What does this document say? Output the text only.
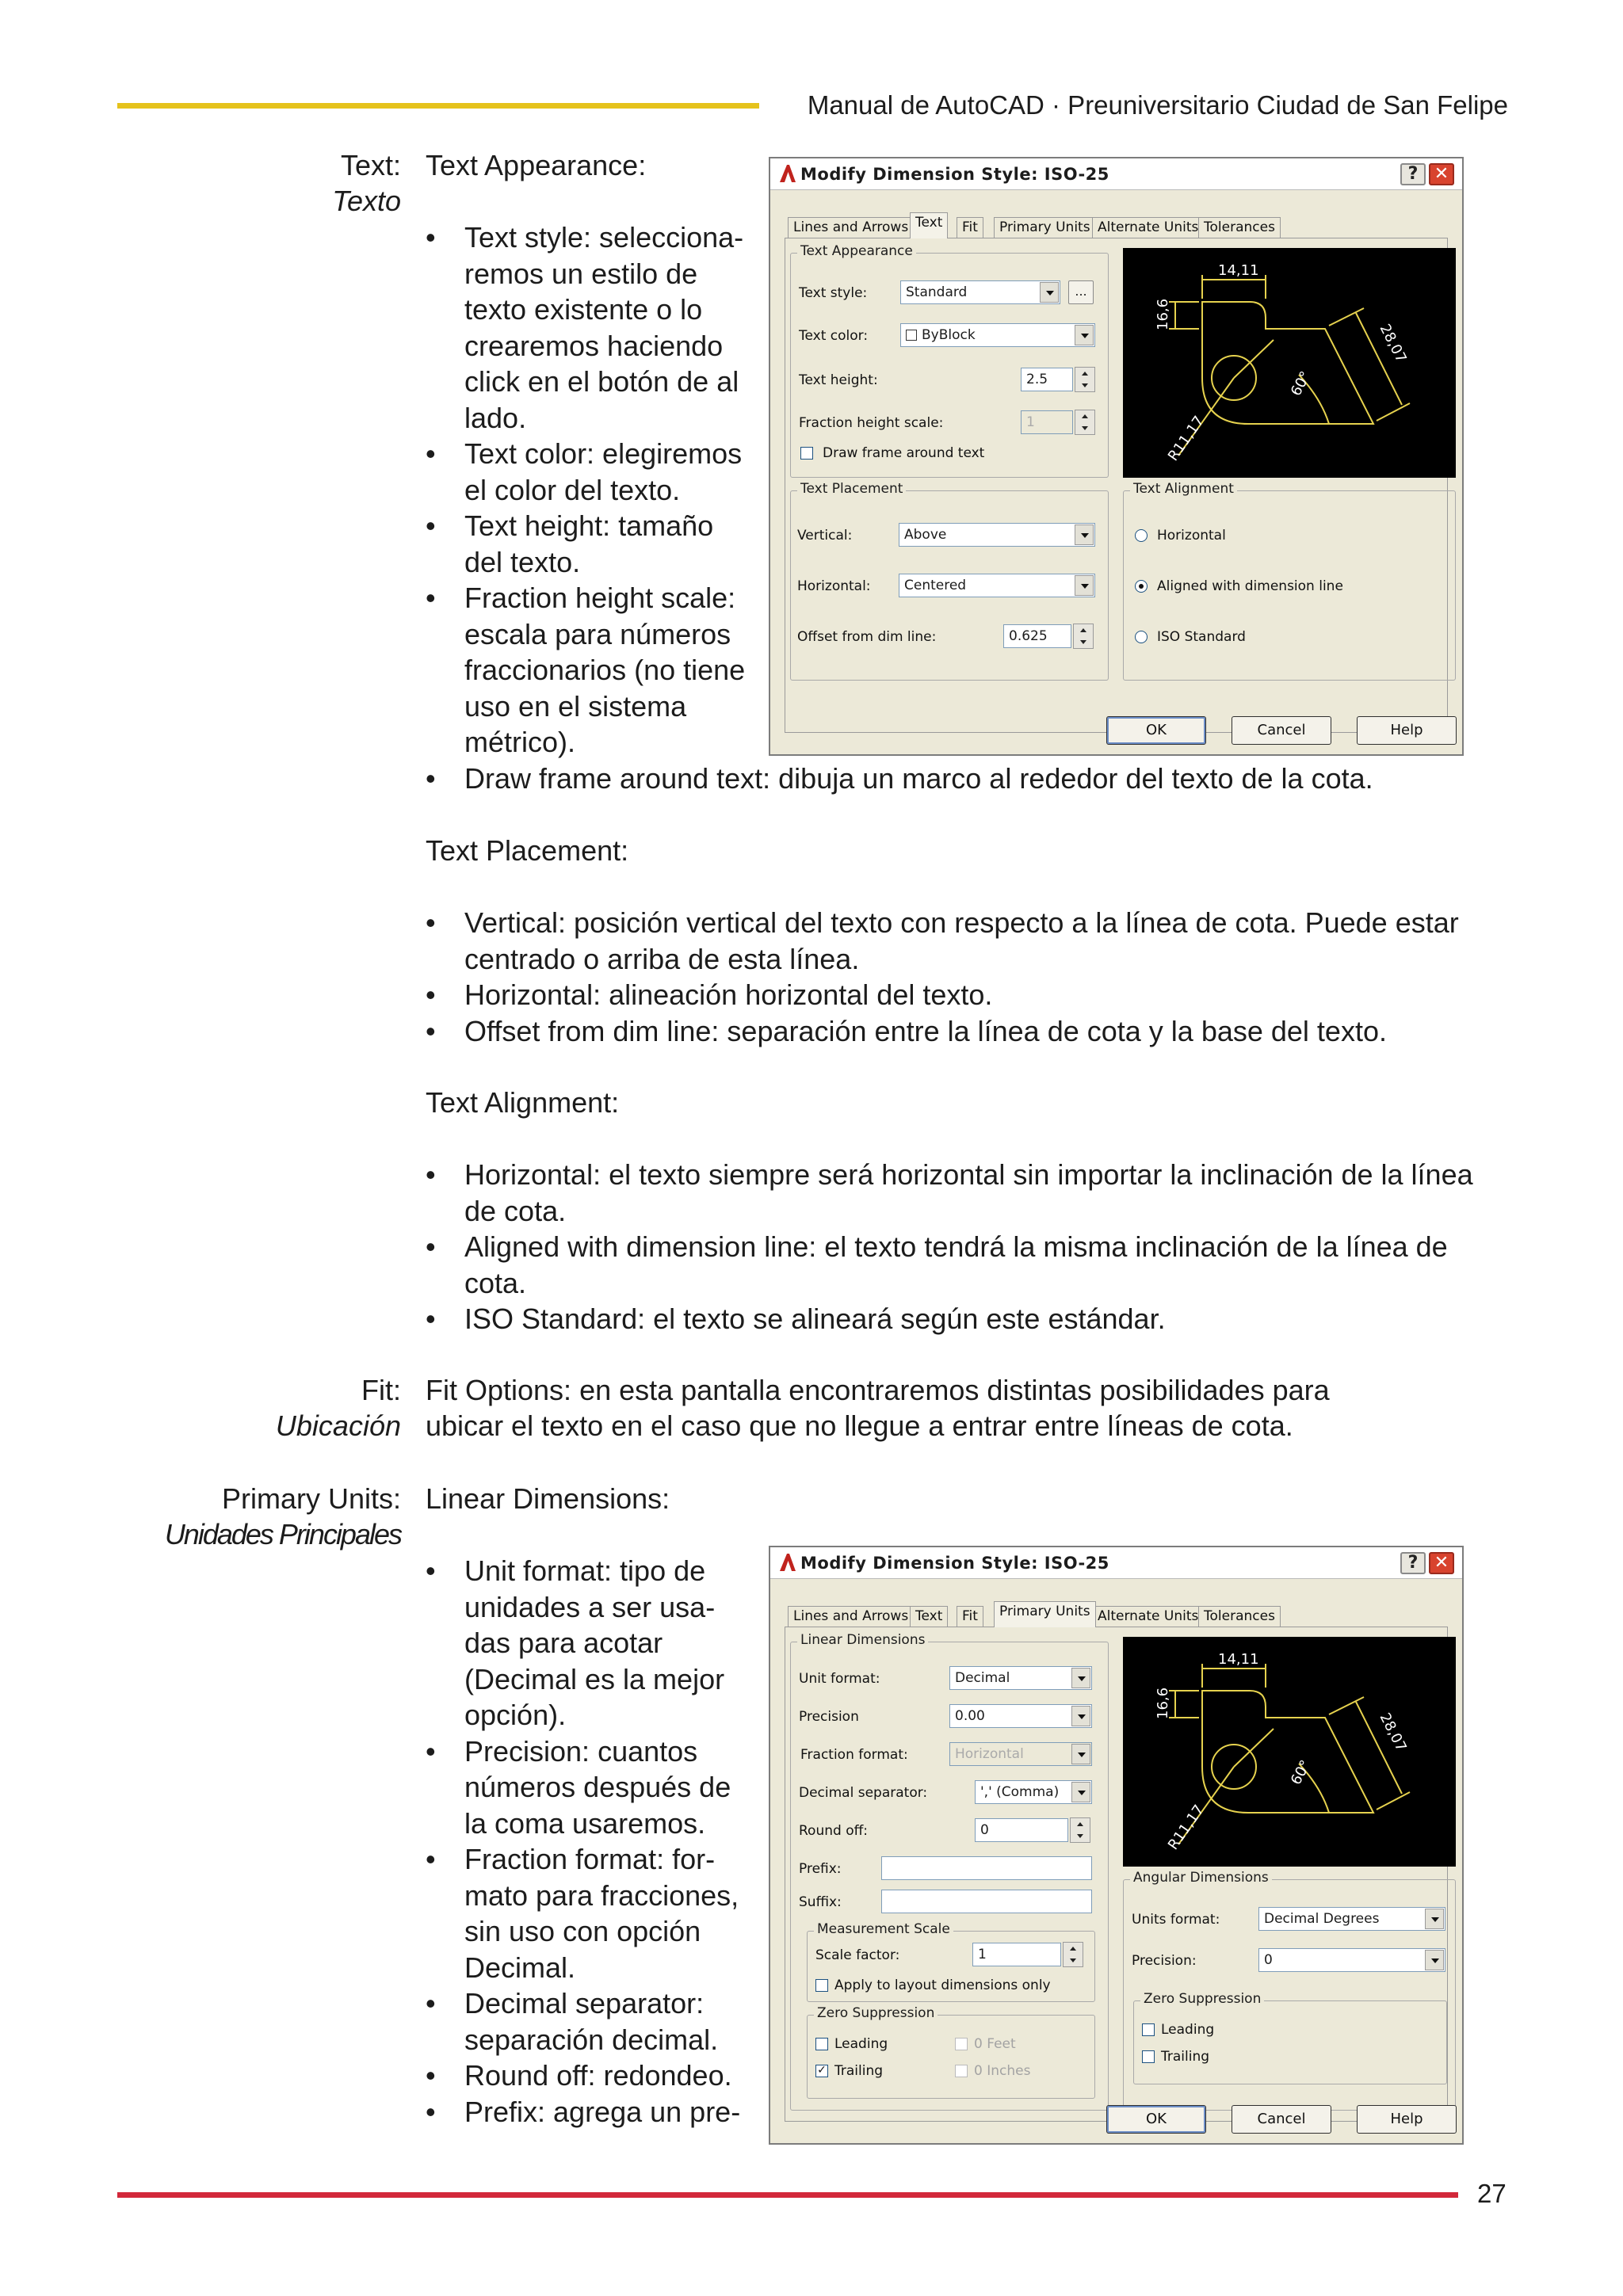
Manual de AutoCAD · Preuniversitario Ciudad de San Felipe
Text:
Texto
Text Appearance:
• Text style: selecciona-
remos un estilo de
texto existente o lo
crearemos haciendo
click en el botón de al
lado.
• Text color: elegiremos
el color del texto.
• Text height: tamaño
del texto.
• Fraction height scale:
escala para números
fraccionarios (no tiene
uso en el sistema
métrico).
• Draw frame around text: dibuja un marco al rededor del texto de la cota.
Text Placement:
• Vertical: posición vertical del texto con respecto a la línea de cota. Puede estar centrado o arriba de esta línea.
• Horizontal: alineación horizontal del texto.
• Offset from dim line: separación entre la línea de cota y la base del texto.
Text Alignment:
• Horizontal: el texto siempre será horizontal sin importar la inclinación de la línea de cota.
• Aligned with dimension line: el texto tendrá la misma inclinación de la línea de cota.
• ISO Standard: el texto se alineará según este estándar.
Fit:
Ubicación
Fit Options: en esta pantalla encontraremos distintas posibilidades para
ubicar el texto en el caso que no llegue a entrar entre líneas de cota.
Primary Units:
Unidades Principales
Linear Dimensions:
• Unit format: tipo de
unidades a ser usa-
das para acotar
(Decimal es la mejor
opción).
• Precision: cuantos
números después de
la coma usaremos.
• Fraction format: for-
mato para fracciones,
sin uso con opción
Decimal.
• Decimal separator:
separación decimal.
• Round off: redondeo.
• Prefix: agrega un pre-
Modify Dimension Style: ISO-25	? ✕
Lines and Arrows Text	Fit	Primary Units Alternate Units Tolerances
Text Appearance
Text style:	Standard	...
Text color:	ByBlock
Text height:	2.5
Fraction height scale:	1
Draw frame around text
14,11
16,6
28,07
60°
R11,17
Text Placement
Vertical:	Above
Horizontal:	Centered
Offset from dim line:	0.625
Text Alignment
Horizontal
Aligned with dimension line
ISO Standard
OK	Cancel	Help
Modify Dimension Style: ISO-25	? ✕
Lines and Arrows Text	Fit	Primary Units Alternate Units Tolerances
Linear Dimensions
Unit format:	Decimal
Precision	0.00
Fraction format:	Horizontal
Decimal separator:	',' (Comma)
Round off:	0
Prefix:
Suffix:
Measurement Scale
Scale factor:	1
Apply to layout dimensions only
Zero Suppression
Leading
✓ Trailing
0 Feet
0 Inches
14,11
16,6
28,07
60°
R11,17
Angular Dimensions
Units format:	Decimal Degrees
Precision:	0
Zero Suppression
Leading
Trailing
OK	Cancel	Help
27
